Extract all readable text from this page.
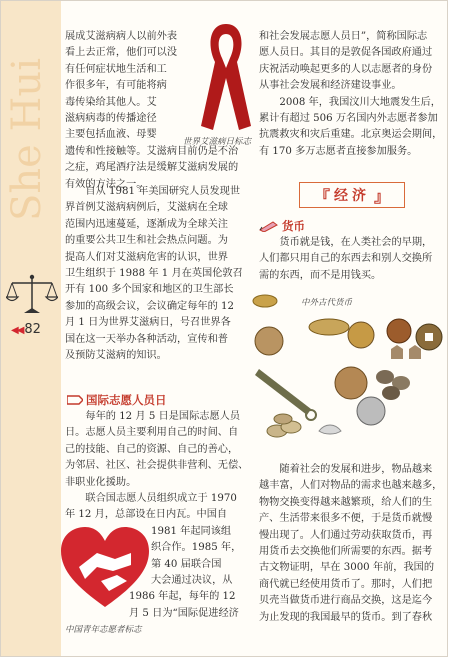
She Hui
◀◀ 82
展成艾滋病病人以前外表
看上去正常，他们可以没
有任何症状地生活和工
作很多年，有可能将病
毒传染给其他人。艾
滋病病毒的传播途径
主要包括血液、母婴
遗传和性接触等。艾滋病目前仍是不治
之症，鸡尾酒疗法是缓解艾滋病发展的
有效的方法之一。
世界艾滋病日标志
自从 1981 年美国研究人员发现世
界首例艾滋病病例后，艾滋病在全球
范围内迅速蔓延，逐渐成为全球关注
的重要公共卫生和社会热点问题。为
提高人们对艾滋病危害的认识，世界
卫生组织于 1988 年 1 月在英国伦敦召
开有 100 多个国家和地区的卫生部长
参加的高级会议，会议确定每年的 12
月 1 日为世界艾滋病日，号召世界各
国在这一天举办各种活动，宣传和普
及预防艾滋病的知识。
国际志愿人员日
每年的 12 月 5 日是国际志愿人员
日。志愿人员主要利用自己的时间、自
己的技能、自己的资源、自己的善心，
为邻居、社区、社会提供非营利、无偿、
非职业化援助。
联合国志愿人员组织成立于 1970
年 12 月，总部设在日内瓦。中国自
1981 年起同该组
织合作。1985 年，
第 40 届联合国
大会通过决议，从
1986 年起，每年的 12
月 5 日为“国际促进经济
中国青年志愿者标志
和社会发展志愿人员日”，简称国际志
愿人员日。其目的是敦促各国政府通过
庆祝活动唤起更多的人以志愿者的身份
从事社会发展和经济建设事业。
2008 年，我国汶川大地震发生后，
累计有超过 506 万名国内外志愿者参加
抗震救灾和灾后重建。北京奥运会期间，
有 170 多万志愿者直接参加服务。
『 经济 』
货币
货币就是钱，在人类社会的早期，
人们都只用自己的东西去和别人交换所
需的东西，而不是用钱买。
中外古代货币
随着社会的发展和进步，物品越来
越丰富，人们对物品的需求也越来越多，
物物交换变得越来越繁琐，给人们的生
产、生活带来很多不便，于是货币就慢
慢出现了。人们通过劳动获取货币，再
用货币去交换他们所需要的东西。据考
古文物证明，早在 3000 年前，我国的
商代就已经使用货币了。那时，人们把
贝壳当做货币进行商品交换，这是迄今
为止发现的我国最早的货币。到了春秋
